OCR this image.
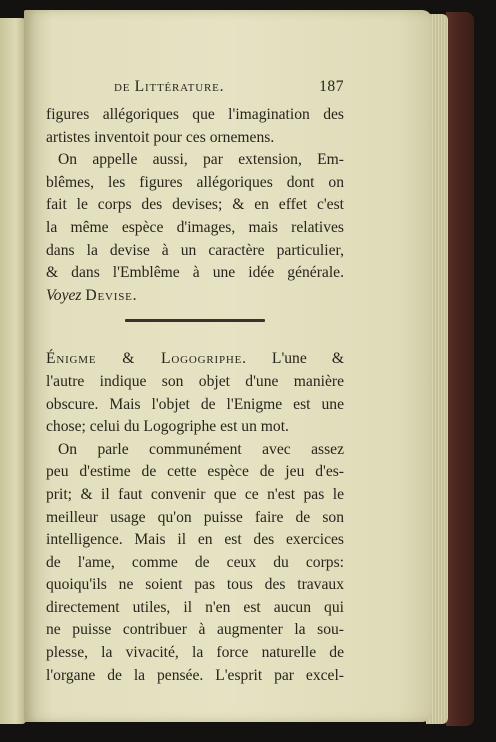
de Littérature.	187
figures allégoriques que l'imagination des
artistes inventoit pour ces ornemens.
On appelle aussi, par extension, Em-
blêmes, les figures allégoriques dont on
fait le corps des devises; & en effet c'est
la même espèce d'images, mais relatives
dans la devise à un caractère particulier,
& dans l'Emblême à une idée générale.
Voyez Devise.
Énigme & Logogriphe. L'une &
l'autre indique son objet d'une manière
obscure. Mais l'objet de l'Enigme est une
chose; celui du Logogriphe est un mot.
On parle communément avec assez
peu d'estime de cette espèce de jeu d'es-
prit; & il faut convenir que ce n'est pas le
meilleur usage qu'on puisse faire de son
intelligence. Mais il en est des exercices
de l'ame, comme de ceux du corps:
quoiqu'ils ne soient pas tous des travaux
directement utiles, il n'en est aucun qui
ne puisse contribuer à augmenter la sou-
plesse, la vivacité, la force naturelle de
l'organe de la pensée. L'esprit par excel-
